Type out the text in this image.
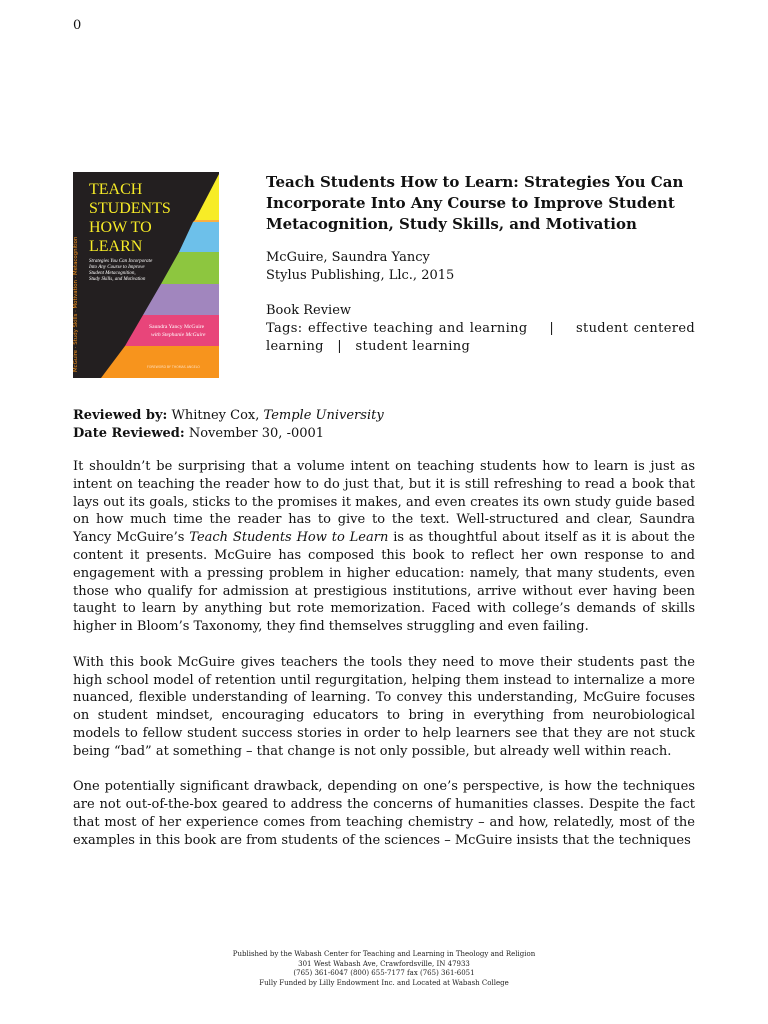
0
McGuire · Study Skills · Motivation · Metacognition
TEACH
STUDENTS
HOW TO
LEARN
Strategies You Can Incorporate
Into Any Course to Improve
Student Metacognition,
Study Skills, and Motivation
Saundra Yancy McGuire
with Stephanie McGuire
FOREWORD BY THOMAS ANGELO
Teach Students How to Learn: Strategies You Can Incorporate Into Any Course to Improve Student Metacognition, Study Skills, and Motivation

McGuire, Saundra Yancy

Stylus Publishing, Llc., 2015

Book Review

Tags: effective teaching and learning    |    student centered learning   |   student learning

Reviewed by: Whitney Cox, Temple University

Date Reviewed: November 30, -0001

It shouldn’t be surprising that a volume intent on teaching students how to learn is just as intent on teaching the reader how to do just that, but it is still refreshing to read a book that lays out its goals, sticks to the promises it makes, and even creates its own study guide based on how much time the reader has to give to the text. Well-structured and clear, Saundra Yancy McGuire’s Teach Students How to Learn is as thoughtful about itself as it is about the content it presents. McGuire has composed this book to reflect her own response to and engagement with a pressing problem in higher education: namely, that many students, even those who qualify for admission at prestigious institutions, arrive without ever having been taught to learn by anything but rote memorization. Faced with college’s demands of skills higher in Bloom’s Taxonomy, they find themselves struggling and even failing.

With this book McGuire gives teachers the tools they need to move their students past the high school model of retention until regurgitation, helping them instead to internalize a more nuanced, flexible understanding of learning. To convey this understanding, McGuire focuses on student mindset, encouraging educators to bring in everything from neurobiological models to fellow student success stories in order to help learners see that they are not stuck being “bad” at something – that change is not only possible, but already well within reach.

One potentially significant drawback, depending on one’s perspective, is how the techniques are not out-of-the-box geared to address the concerns of humanities classes. Despite the fact that most of her experience comes from teaching chemistry – and how, relatedly, most of the examples in this book are from students of the sciences – McGuire insists that the techniques

Published by the Wabash Center for Teaching and Learning in Theology and Religion

301 West Wabash Ave, Crawfordsville, IN 47933

(765) 361-6047 (800) 655-7177 fax (765) 361-6051

Fully Funded by Lilly Endowment Inc. and Located at Wabash College
